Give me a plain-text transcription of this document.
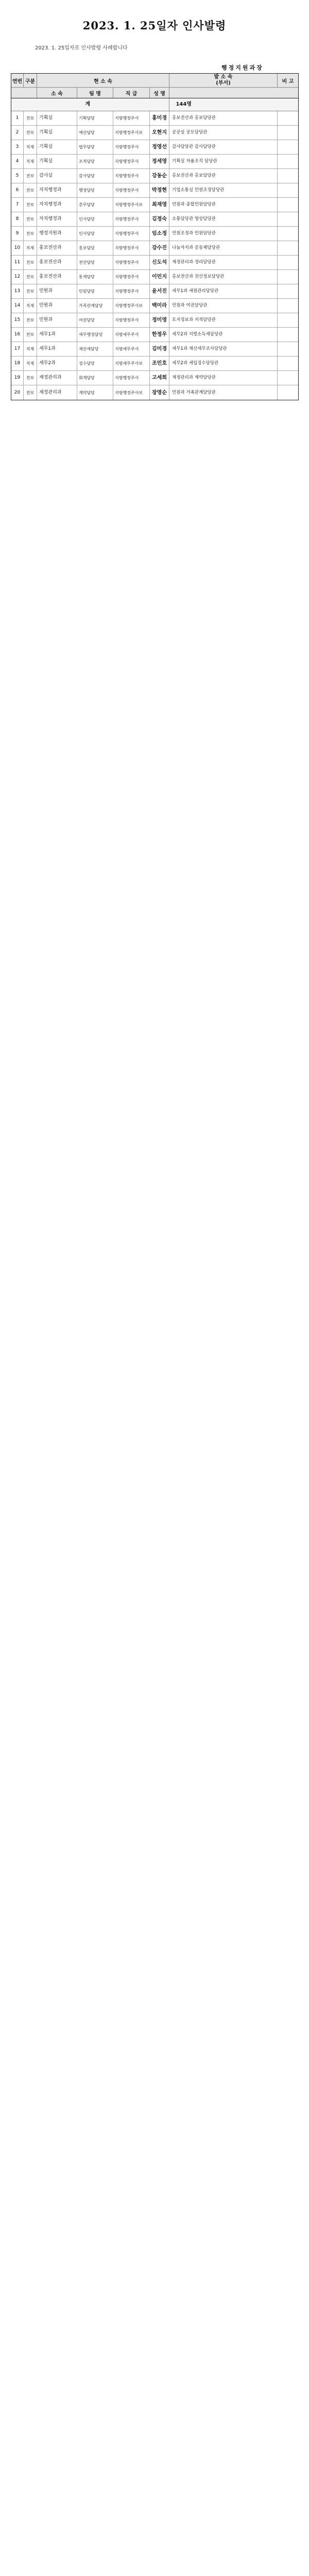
2023. 1. 25일자 인사발령
2023. 1. 25일자로 인사발령 사례합니다
행정지원과장
연번 구분	현 소 속
발 소 속
(부서)	비 고
소 속	팀 명	직 급	성 명
계	144명
1	전보	기획실	기획담당	지방행정주사	홍미경	홍보전산과 홍보담당관
2	전보	기획실	예산담당	지방행정주사보	오현지	공공실 공모담당관
3	직제	기획실	법무담당	지방행정주사	정영선	감사담당관 감사담당관
4	직제	기획실	조직담당	지방행정주사	정세영	기획실 자율조직 담당관
5	전보	감사실	감사담당	지방행정주사	강동순	홍보전산과 홍보담당관
6	전보	자치행정과	행정담당	지방행정주사	박정현	기업소통실 민원조정담당관
7	전보	자치행정과	총무담당	지방행정주사보	최재영	민원과 종합민원담당관
8	전보	자치행정과	인사담당	지방행정주사	김정숙	소통담당관 영상담당관
9	전보	행정지원과	인사담당	지방행정주사	임소정	민원조정과 민원담당관
10	직제	홍보전산과	홍보담당	지방행정주사	강수진	나눔자치과 공동체담당관
11	전보	홍보전산과	전산담당	지방행정주사	신도석	재정관리과 경리담당관
12	전보	홍보전산과	통계담당	지방행정주사	이민지	홍보전산과 전산정보담당관
13	전보	민원과	민원담당	지방행정주사	윤서진	세무1과 세원관리담당관
14	직제	민원과	가족관계담당	지방행정주사보	백미라	민원과 여권담당관
15	전보	민원과	여권담당	지방행정주사	정미영	토지정보과 지적담당관
16	전보	세무1과	세무행정담당	지방세무주사	한정우	세무2과 지방소득세담당관
17	직제	세무1과	재산세담당	지방세무주사	김미경	세무1과 재산세무조사담당관
18	직제	세무2과	징수담당	지방세무주사보	조민호	세무2과 세입징수담당관
19	전보	재정관리과	회계담당	지방행정주사	고세희	재정관리과 계약담당관
20	전보	재정관리과	계약담당	지방행정주사보	장영순	민원과 가족관계담당관
